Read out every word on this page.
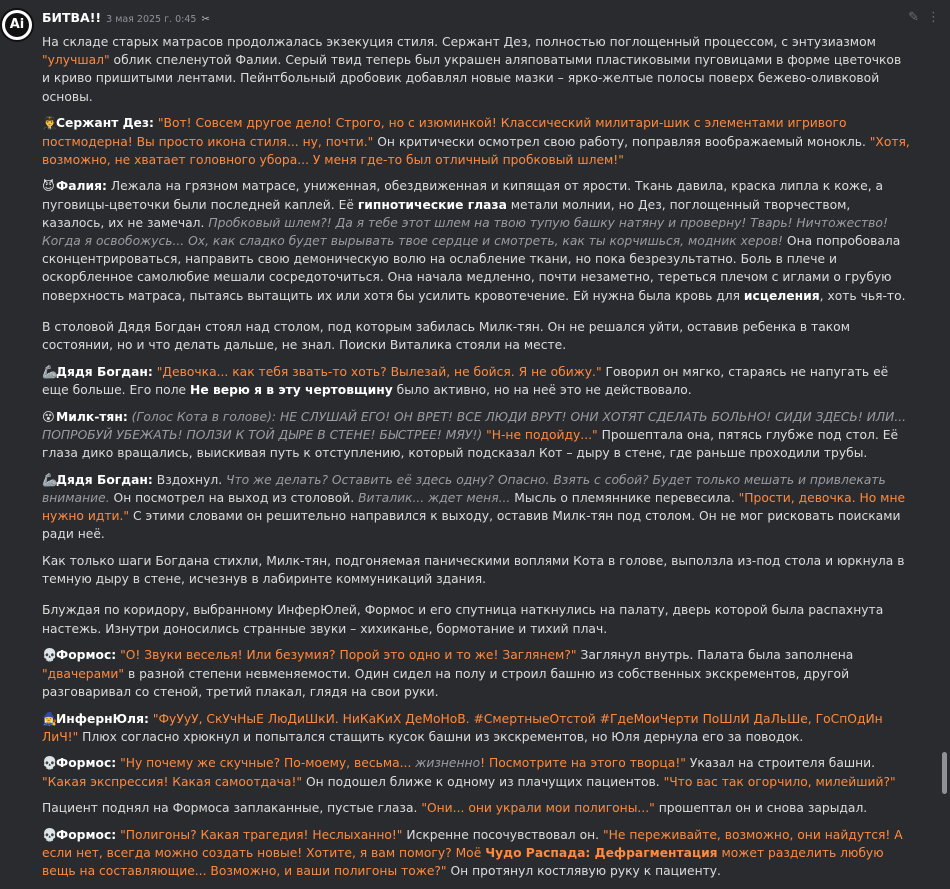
Ai	БИТВА!! 3 мая 2025 г. 0:45 ✂	✎ ⋮

На складе старых матрасов продолжалась экзекуция стиля. Сержант Дез, полностью поглощенный процессом, с энтузиазмом "улучшал" облик спеленутой Фалии. Серый твид теперь был украшен аляповатыми пластиковыми пуговицами в форме цветочков и криво пришитыми лентами. Пейнтбольный дробовик добавлял новые мазки – ярко-желтые полосы поверх бежево-оливковой основы.

👨‍✈️Сержант Дез: "Вот! Совсем другое дело! Строго, но с изюминкой! Классический милитари-шик с элементами игривого постмодерна! Вы просто икона стиля... ну, почти." Он критически осмотрел свою работу, поправляя воображаемый монокль. "Хотя, возможно, не хватает головного убора... У меня где-то был отличный пробковый шлем!"

😈Фалия: Лежала на грязном матрасе, униженная, обездвиженная и кипящая от ярости. Ткань давила, краска липла к коже, а пуговицы-цветочки были последней каплей. Её гипнотические глаза метали молнии, но Дез, поглощенный творчеством, казалось, их не замечал. Пробковый шлем?! Да я тебе этот шлем на твою тупую башку натяну и проверну! Тварь! Ничтожество! Когда я освобожусь... Ох, как сладко будет вырывать твое сердце и смотреть, как ты корчишься, модник херов! Она попробовала сконцентрироваться, направить свою демоническую волю на ослабление ткани, но пока безрезультатно. Боль в плече и оскорбленное самолюбие мешали сосредоточиться. Она начала медленно, почти незаметно, тереться плечом с иглами о грубую поверхность матраса, пытаясь вытащить их или хотя бы усилить кровотечение. Ей нужна была кровь для исцеления, хоть чья-то.

В столовой Дядя Богдан стоял над столом, под которым забилась Милк-тян. Он не решался уйти, оставив ребенка в таком состоянии, но и что делать дальше, не знал. Поиски Виталика стояли на месте.

🦾Дядя Богдан: "Девочка... как тебя звать-то хоть? Вылезай, не бойся. Я не обижу." Говорил он мягко, стараясь не напугать её еще больше. Его поле Не верю я в эту чертовщину было активно, но на неё это не действовало.

😵Милк-тян: (Голос Кота в голове): НЕ СЛУШАЙ ЕГО! ОН ВРЕТ! ВСЕ ЛЮДИ ВРУТ! ОНИ ХОТЯТ СДЕЛАТЬ БОЛЬНО! СИДИ ЗДЕСЬ! ИЛИ... ПОПРОБУЙ УБЕЖАТЬ! ПОЛЗИ К ТОЙ ДЫРЕ В СТЕНЕ! БЫСТРЕЕ! МЯУ!) "Н-не подойду..." Прошептала она, пятясь глубже под стол. Её глаза дико вращались, выискивая путь к отступлению, который подсказал Кот – дыру в стене, где раньше проходили трубы.

🦾Дядя Богдан: Вздохнул. Что же делать? Оставить её здесь одну? Опасно. Взять с собой? Будет только мешать и привлекать внимание. Он посмотрел на выход из столовой. Виталик... ждет меня... Мысль о племяннике перевесила. "Прости, девочка. Но мне нужно идти." С этими словами он решительно направился к выходу, оставив Милк-тян под столом. Он не мог рисковать поисками ради неё.

Как только шаги Богдана стихли, Милк-тян, подгоняемая паническими воплями Кота в голове, выползла из-под стола и юркнула в темную дыру в стене, исчезнув в лабиринте коммуникаций здания.

Блуждая по коридору, выбранному ИнферЮлей, Формос и его спутница наткнулись на палату, дверь которой была распахнута настежь. Изнутри доносились странные звуки – хихиканье, бормотание и тихий плач.

💀Формос: "О! Звуки веселья! Или безумия? Порой это одно и то же! Заглянем?" Заглянул внутрь. Палата была заполнена "двачерами" в разной степени невменяемости. Один сидел на полу и строил башню из собственных экскрементов, другой разговаривал со стеной, третий плакал, глядя на свои руки.

🧙‍♀️ИнфернЮля: "ФуУуУ, СкУчНыЕ ЛюДиШкИ. НиКаКиХ ДеМоНоВ. #СмертныеОтстой #ГдеМоиЧерти ПоШлИ ДаЛьШе, ГоСпОдИн ЛиЧ!" Плюх согласно хрюкнул и попытался стащить кусок башни из экскрементов, но Юля дернула его за поводок.

💀Формос: "Ну почему же скучные? По-моему, весьма... жизненно! Посмотрите на этого творца!" Указал на строителя башни. "Какая экспрессия! Какая самоотдача!" Он подошел ближе к одному из плачущих пациентов. "Что вас так огорчило, милейший?"

Пациент поднял на Формоса заплаканные, пустые глаза. "Они... они украли мои полигоны..." прошептал он и снова зарыдал.

💀Формос: "Полигоны? Какая трагедия! Неслыханно!" Искренне посочувствовал он. "Не переживайте, возможно, они найдутся! А если нет, всегда можно создать новые! Хотите, я вам помогу? Моё Чудо Распада: Дефрагментация может разделить любую вещь на составляющие... Возможно, и ваши полигоны тоже?" Он протянул костлявую руку к пациенту.
